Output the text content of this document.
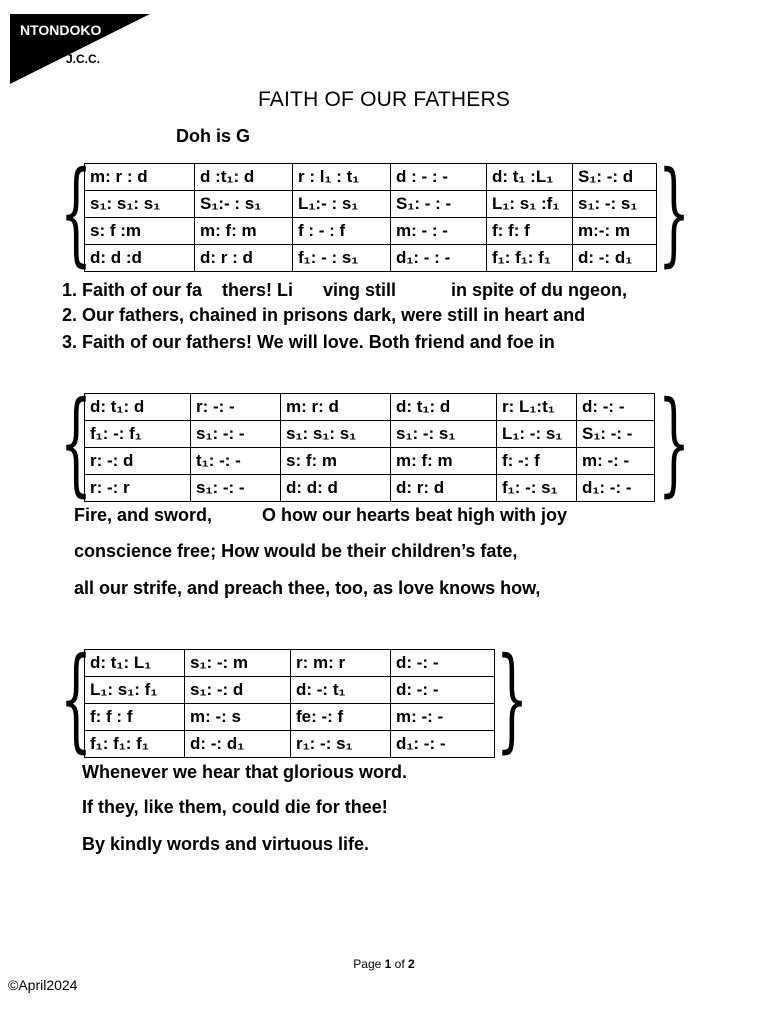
NTONDOKO
J.C.C.
FAITH OF OUR FATHERS
Doh is G
{
m: r : d	d :t₁: d	r : l₁ : t₁	d : - : -	d: t₁ :L₁	S₁: -: d
s₁: s₁: s₁	S₁:- : s₁	L₁:- : s₁	S₁: - : -	L₁: s₁ :f₁	s₁: -: s₁
s: f :m	m: f: m	f : - : f	m: - : -	f: f: f	m:-: m
d: d :d	d: r : d	f₁: - : s₁	d₁: - : -	f₁: f₁: f₁	d: -: d₁ }
1. Faith of our fa    thers! Li      ving still           in spite of du ngeon,
2. Our fathers, chained in prisons dark, were still in heart and
3. Faith of our fathers! We will love. Both friend and foe in
{
d: t₁: d	r: -: -	m: r: d	d: t₁: d	r: L₁:t₁	d: -: -
f₁: -: f₁	s₁: -: -	s₁: s₁: s₁	s₁: -: s₁	L₁: -: s₁	S₁: -: -
r: -: d	t₁: -: -	s: f: m	m: f: m	f: -: f	m: -: -
r: -: r	s₁: -: -	d: d: d	d: r: d	f₁: -: s₁	d₁: -: - }
Fire, and sword,          O how our hearts beat high with joy
conscience free; How would be their children’s fate,
all our strife, and preach thee, too, as love knows how,
{
d: t₁: L₁	s₁: -: m	r: m: r	d: -: -
L₁: s₁: f₁	s₁: -: d	d: -: t₁	d: -: -
f: f : f	m: -: s	fe: -: f	m: -: -
f₁: f₁: f₁	d: -: d₁	r₁: -: s₁	d₁: -: - }
Whenever we hear that glorious word.
If they, like them, could die for thee!
By kindly words and virtuous life.
Page 1 of 2
©April2024
